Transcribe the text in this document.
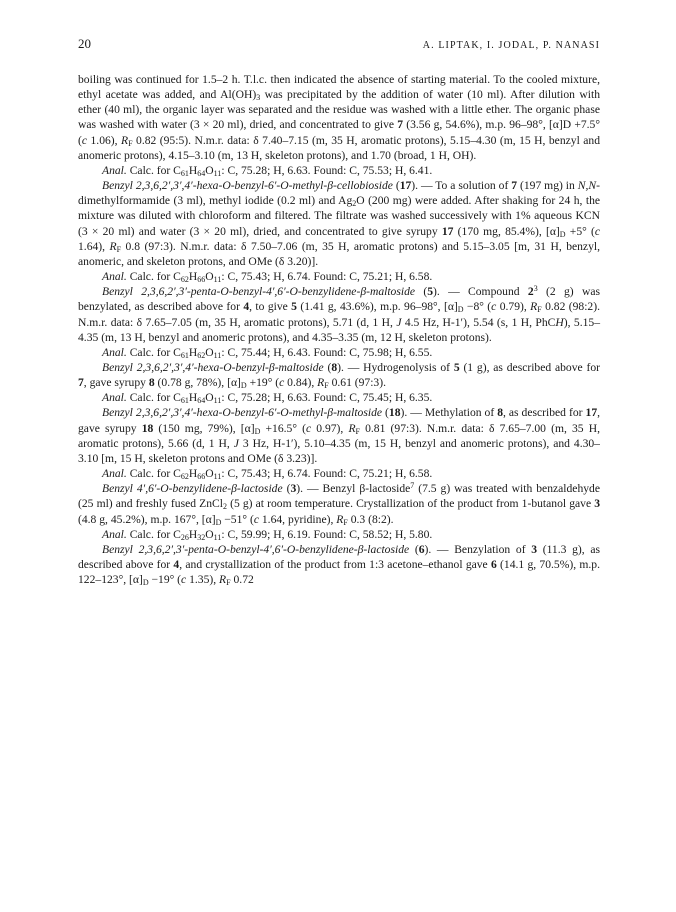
20	A. LIPTAK, I. JODAL, P. NANASI

boiling was continued for 1.5–2 h. T.l.c. then indicated the absence of starting material. To the cooled mixture, ethyl acetate was added, and $Al(OH)_3$ was precipitated by the addition of water (10 ml). After dilution with ether (40 ml), the organic layer was separated and the residue was washed with a little ether. The organic phase was washed with water (3 × 20 ml), dried, and concentrated to give 7 (3.56 g, 54.6%), m.p. 96–98°, [α]D +7.5° (c 1.06), $R_F$ 0.82 (95:5). N.m.r. data: δ 7.40–7.15 (m, 35 H, aromatic protons), 5.15–4.30 (m, 15 H, benzyl and anomeric protons), 4.15–3.10 (m, 13 H, skeleton protons), and 1.70 (broad, 1 H, OH).

Anal. Calc. for $C_{61}H_{64}O_{11}$: C, 75.28; H, 6.63. Found: C, 75.53; H, 6.41.

Benzyl 2,3,6,2′,3′,4′-hexa-O-benzyl-6′-O-methyl-β-cellobioside (17). — To a solution of 7 (197 mg) in N,N-dimethylformamide (3 ml), methyl iodide (0.2 ml) and $Ag_2O$ (200 mg) were added. After shaking for 24 h, the mixture was diluted with chloroform and filtered. The filtrate was washed successively with 1% aqueous KCN (3 × 20 ml) and water (3 × 20 ml), dried, and concentrated to give syrupy 17 (170 mg, 85.4%), $[\alpha]_D +5^\circ$ (c 1.64), $R_F$ 0.8 (97:3). N.m.r. data: δ 7.50–7.06 (m, 35 H, aromatic protons) and 5.15–3.05 [m, 31 H, benzyl, anomeric, and skeleton protons, and OMe (δ 3.20)].

Anal. Calc. for $C_{62}H_{66}O_{11}$: C, 75.43; H, 6.74. Found: C, 75.21; H, 6.58.

Benzyl 2,3,6,2′,3′-penta-O-benzyl-4′,6′-O-benzylidene-β-maltoside (5). — Compound $2^3$ (2 g) was benzylated, as described above for 4, to give 5 (1.41 g, 43.6%), m.p. 96–98°, $[\alpha]_D -8^\circ$ (c 0.79), $R_F$ 0.82 (98:2). N.m.r. data: δ 7.65–7.05 (m, 35 H, aromatic protons), 5.71 (d, 1 H, J 4.5 Hz, H-1′), 5.54 (s, 1 H, PhCH), 5.15–4.35 (m, 13 H, benzyl and anomeric protons), and 4.35–3.35 (m, 12 H, skeleton protons).

Anal. Calc. for $C_{61}H_{62}O_{11}$: C, 75.44; H, 6.43. Found: C, 75.98; H, 6.55.

Benzyl 2,3,6,2′,3′,4′-hexa-O-benzyl-β-maltoside (8). — Hydrogenolysis of 5 (1 g), as described above for 7, gave syrupy 8 (0.78 g, 78%), $[\alpha]_D +19^\circ$ (c 0.84), $R_F$ 0.61 (97:3).

Anal. Calc. for $C_{61}H_{64}O_{11}$: C, 75.28; H, 6.63. Found: C, 75.45; H, 6.35.

Benzyl 2,3,6,2′,3′,4′-hexa-O-benzyl-6′-O-methyl-β-maltoside (18). — Methylation of 8, as described for 17, gave syrupy 18 (150 mg, 79%), $[\alpha]_D +16.5^\circ$ (c 0.97), $R_F$ 0.81 (97:3). N.m.r. data: δ 7.65–7.00 (m, 35 H, aromatic protons), 5.66 (d, 1 H, J 3 Hz, H-1′), 5.10–4.35 (m, 15 H, benzyl and anomeric protons), and 4.30–3.10 [m, 15 H, skeleton protons and OMe (δ 3.23)].

Anal. Calc. for $C_{62}H_{66}O_{11}$: C, 75.43; H, 6.74. Found: C, 75.21; H, 6.58.

Benzyl 4′,6′-O-benzylidene-β-lactoside (3). — Benzyl β-lactoside$^7$ (7.5 g) was treated with benzaldehyde (25 ml) and freshly fused ZnCl$_2$ (5 g) at room temperature. Crystallization of the product from 1-butanol gave 3 (4.8 g, 45.2%), m.p. 167°, $[\alpha]_D -51^\circ$ (c 1.64, pyridine), $R_F$ 0.3 (8:2).

Anal. Calc. for $C_{26}H_{32}O_{11}$: C, 59.99; H, 6.19. Found: C, 58.52; H, 5.80.

Benzyl 2,3,6,2′,3′-penta-O-benzyl-4′,6′-O-benzylidene-β-lactoside (6). — Benzylation of 3 (11.3 g), as described above for 4, and crystallization of the product from 1:3 acetone–ethanol gave 6 (14.1 g, 70.5%), m.p. 122–123°, $[\alpha]_D -19^\circ$ (c 1.35), $R_F$ 0.72
